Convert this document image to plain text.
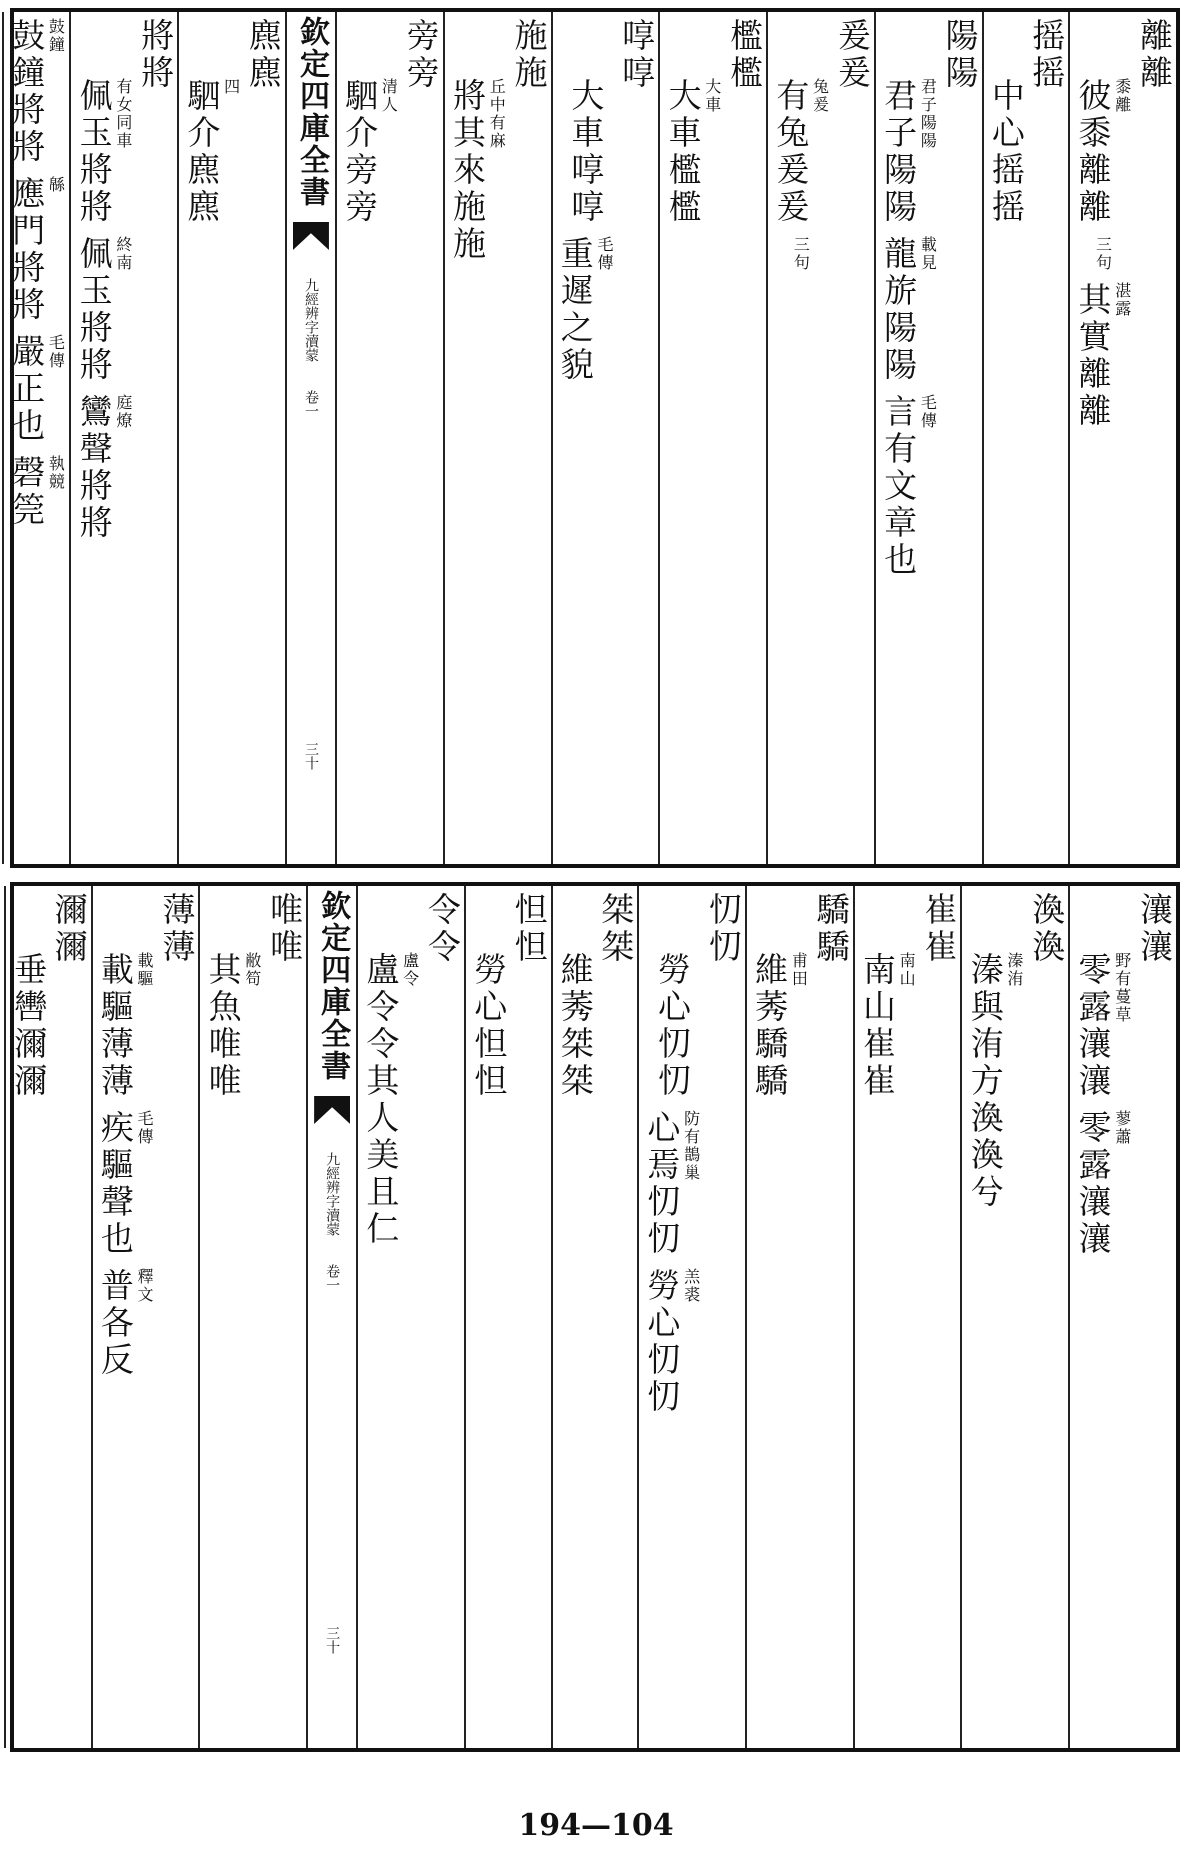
離離
黍離
彼黍離離
三句
湛露
其實離離
摇摇
中心摇摇
陽陽
君子陽陽
君子陽陽
載見
龍旂陽陽
毛傳
言有文章也
爰爰
兔爰
有兔爰爰
三句
檻檻
大車
大車檻檻
啍啍
大車啍啍
毛傳
重遲之貌
施施
丘中有麻
將其來施施
旁旁
清人
駟介旁旁
欽定四庫全書
九經辨字瀆蒙
卷一
三十
麃麃
四
駟介麃麃
將將
有女同車
佩玉將將
終南
佩玉將將
庭燎
鸞聲將將
鼓鐘
鼓鐘將將
緜
應門將將
毛傳
嚴正也
執競
磬筦
瀼瀼
野有蔓草
零露瀼瀼
蓼蕭
零露瀼瀼
渙渙
溱洧
溱與洧方渙渙兮
崔崔
南山
南山崔崔
驕驕
甫田
維莠驕驕
忉忉
勞心忉忉
防有鵲巢
心焉忉忉
羔裘
勞心忉忉
桀桀
維莠桀桀
怛怛
勞心怛怛
令令
盧令
盧令令其人美且仁
欽定四庫全書
九經辨字瀆蒙
卷一
三十
唯唯
敝笱
其魚唯唯
薄薄
載驅
載驅薄薄
毛傳
疾驅聲也
釋文
普各反
濔濔
垂轡濔濔
194—104
